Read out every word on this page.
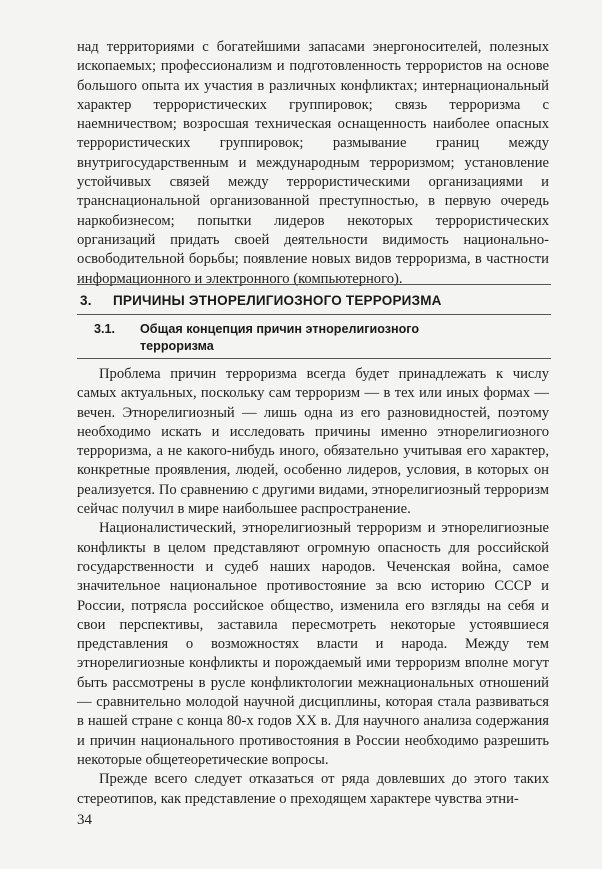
над территориями с богатейшими запасами энергоносителей, полезных ископаемых; профессионализм и подготовленность террористов на основе большого опыта их участия в различных конфликтах; интернациональный характер террористических группировок; связь терроризма с наемничеством; возросшая техническая оснащенность наиболее опасных террористических группировок; размывание границ между внутригосударственным и международным терроризмом; установление устойчивых связей между террористическими организациями и транснациональной организованной преступностью, в первую очередь наркобизнесом; попытки лидеров некоторых террористических организаций придать своей деятельности видимость национально-освободительной борьбы; появление новых видов терроризма, в частности информационного и электронного (компьютерного).

3. ПРИЧИНЫ ЭТНОРЕЛИГИОЗНОГО ТЕРРОРИЗМА
3.1. Общая концепция причин этнорелигиозного
терроризма

Проблема причин терроризма всегда будет принадлежать к числу самых актуальных, поскольку сам терроризм — в тех или иных формах — вечен. Этнорелигиозный — лишь одна из его разновидностей, поэтому необходимо искать и исследовать причины именно этнорелигиозного терроризма, а не какого-нибудь иного, обязательно учитывая его характер, конкретные проявления, людей, особенно лидеров, условия, в которых он реализуется. По сравнению с другими видами, этнорелигиозный терроризм сейчас получил в мире наибольшее распространение.

Националистический, этнорелигиозный терроризм и этнорелигиозные конфликты в целом представляют огромную опасность для российской государственности и судеб наших народов. Чеченская война, самое значительное национальное противостояние за всю историю СССР и России, потрясла российское общество, изменила его взгляды на себя и свои перспективы, заставила пересмотреть некоторые устоявшиеся представления о возможностях власти и народа. Между тем этнорелигиозные конфликты и порождаемый ими терроризм вполне могут быть рассмотрены в русле конфликтологии межнациональных отношений — сравнительно молодой научной дисциплины, которая стала развиваться в нашей стране с конца 80-х годов XX в. Для научного анализа содержания и причин национального противостояния в России необходимо разрешить некоторые общетеоретические вопросы.

Прежде всего следует отказаться от ряда довлевших до этого таких стереотипов, как представление о преходящем характере чувства этни-

34
